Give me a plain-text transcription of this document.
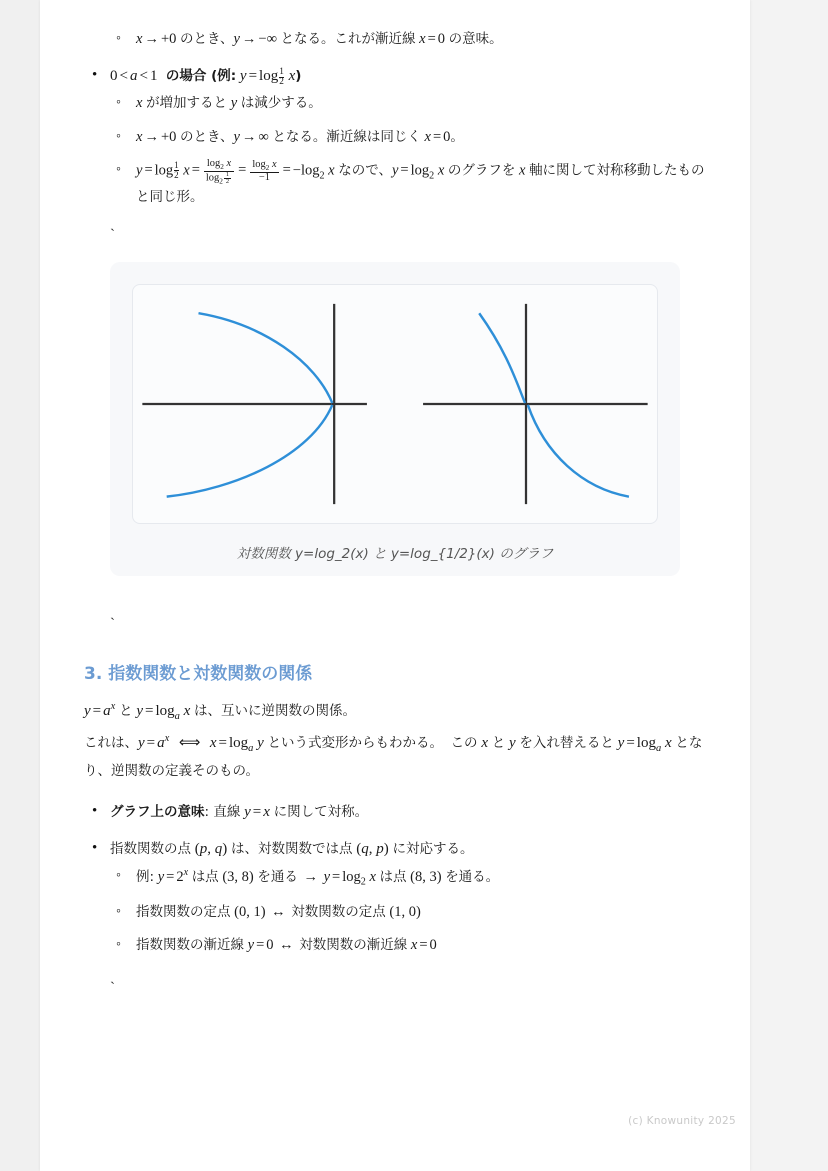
◦ x → +0 のとき、y → −∞ となる。これが漸近線 x = 0 の意味。
• 0 < a < 1  の場合 (例: $y = \log \frac{1}{2} x$)
◦ x が増加すると y は減少する。
◦ x → +0 のとき、y → ∞ となる。漸近線は同じく x = 0。
◦ $y = \log \frac{1}{2}$ $x = \frac{\log_2 x}{\log_2 \frac{1}{2}} = \frac{\log_2 x}{-1} = -\log_2$ x なので、$y = \log_2 x$ のグラフを x 軸に関して対称移動したものと同じ形。
`
対数関数 y=log_2(x) と y=log_{1/2}(x) のグラフ
`
3. 指数関数と対数関数の関係

$y = a^x$ と $y = \log_a x$ は、互いに逆関数の関係。

これは、$y = a^x$  ⟺  $x = \log_a y$ という式変形からもわかる。 この x と y を入れ替えると $y = \log_a x$ となり、逆関数の定義そのもの。

• グラフ上の意味: 直線 y = x に関して対称。
• 指数関数の点 (p, q) は、対数関数では点 (q, p) に対応する。
◦ 例: $y = 2^x$ は点 (3, 8) を通る → $y = \log_2 x$ は点 (8, 3) を通る。
◦ 指数関数の定点 (0, 1) ↔ 対数関数の定点 (1, 0)
◦ 指数関数の漸近線 y = 0 ↔ 対数関数の漸近線 x = 0
`
(c) Knowunity 2025
